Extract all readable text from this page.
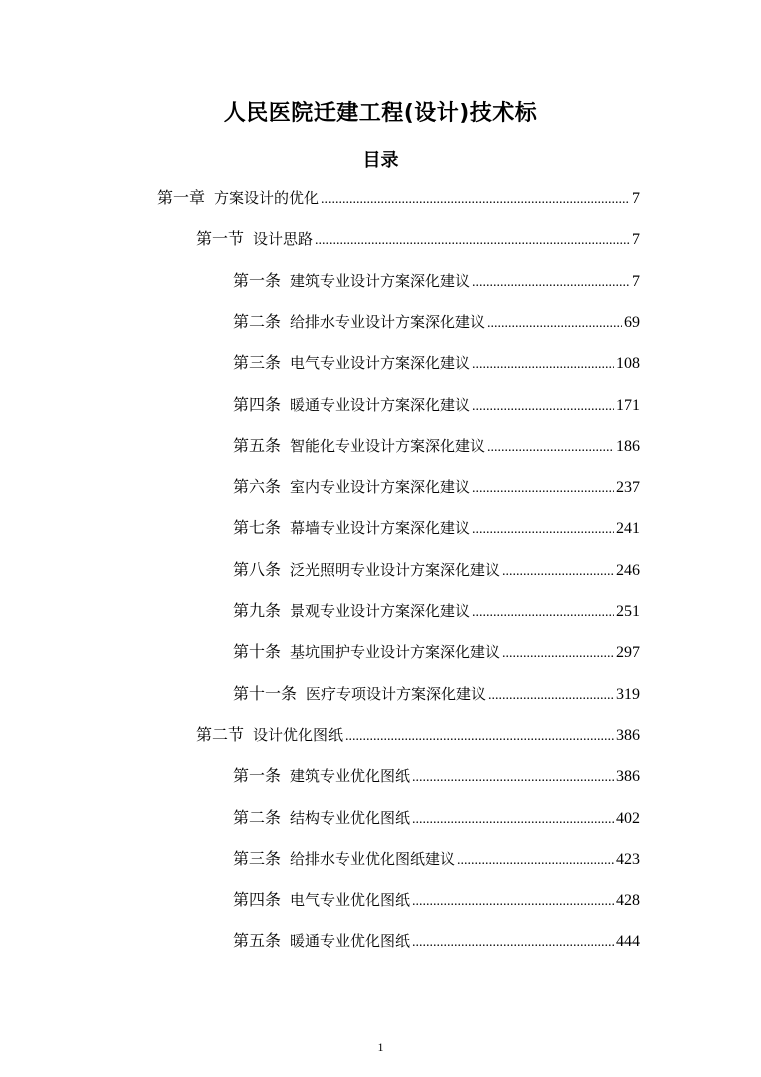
人民医院迁建工程(设计)技术标
目录
第一章 方案设计的优化 .....	7
第一节 设计思路 .....	7
第一条 建筑专业设计方案深化建议 .....	7
第二条 给排水专业设计方案深化建议 .....	69
第三条 电气专业设计方案深化建议 .....	108
第四条 暖通专业设计方案深化建议 .....	171
第五条 智能化专业设计方案深化建议 .....	186
第六条 室内专业设计方案深化建议 .....	237
第七条 幕墙专业设计方案深化建议 .....	241
第八条 泛光照明专业设计方案深化建议 .....	246
第九条 景观专业设计方案深化建议 .....	251
第十条 基坑围护专业设计方案深化建议 .....	297
第十一条 医疗专项设计方案深化建议 .....	319
第二节 设计优化图纸 .....	386
第一条 建筑专业优化图纸 .....	386
第二条 结构专业优化图纸 .....	402
第三条 给排水专业优化图纸建议 .....	423
第四条 电气专业优化图纸 .....	428
第五条 暖通专业优化图纸 .....	444
1
